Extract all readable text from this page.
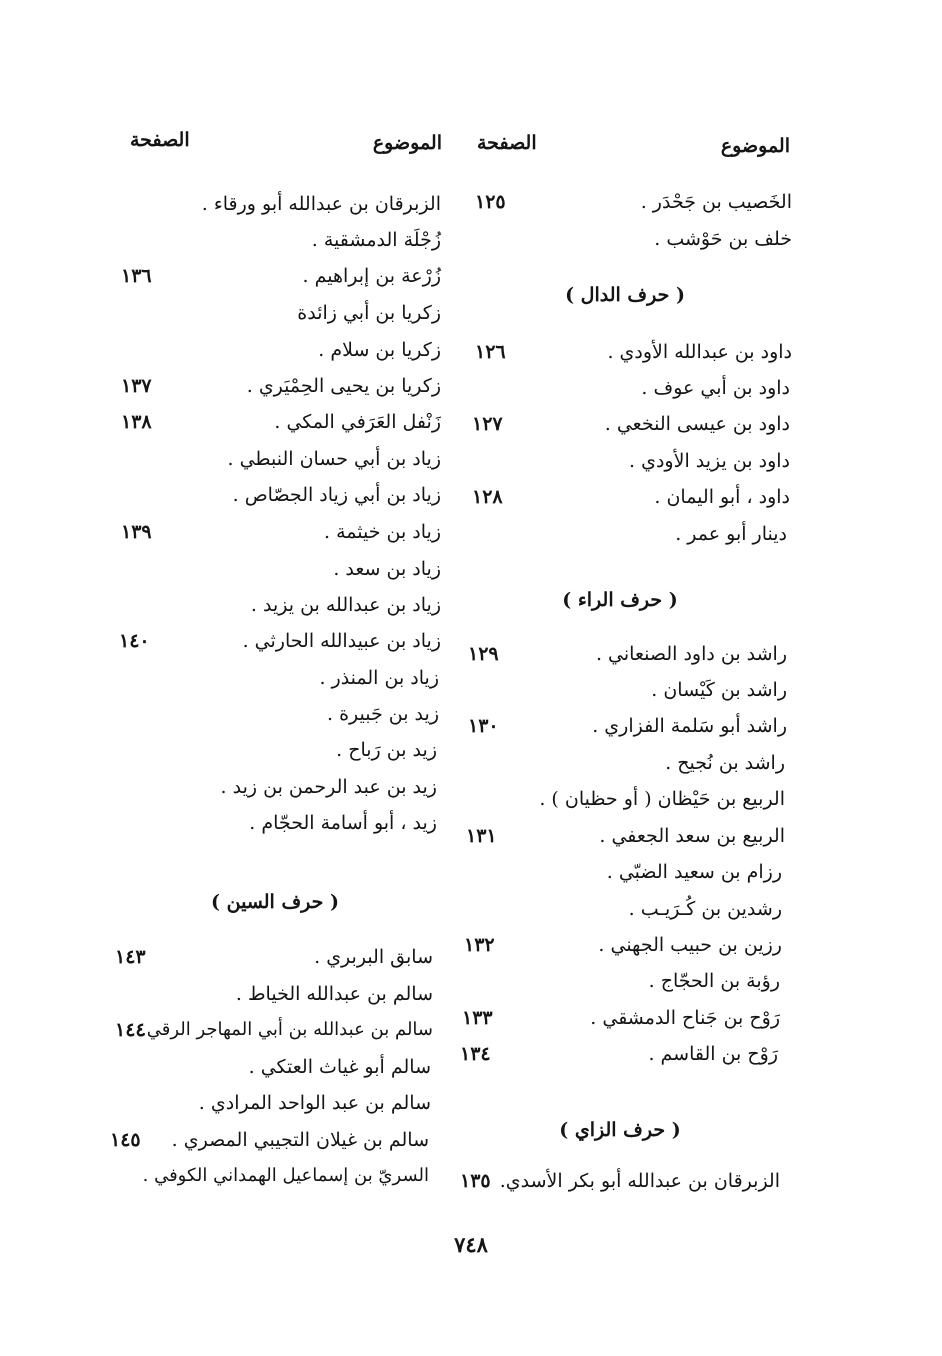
الموضوع
الصفحة
الموضوع
الصفحة
الخَصيب بن جَحْدَر .
١٢٥
خلف بن حَوْشب .
( حرف الدال )
داود بن عبدالله الأودي .
١٢٦
داود بن أبي عوف .
داود بن عيسى النخعي .
١٢٧
داود بن يزيد الأودي .
داود ، أبو اليمان .
١٢٨
دينار أبو عمر .
( حرف الراء )
راشد بن داود الصنعاني .
١٢٩
راشد بن كَيْسان .
راشد أبو سَلمة الفزاري .
١٣٠
راشد بن نُجيح .
الربيع بن حَيْظان ( أو حظيان ) .
الربيع بن سعد الجعفي .
١٣١
رزام بن سعيد الضبّي .
رشدين بن كُـرَيـب .
رزين بن حبيب الجهني .
١٣٢
رؤبة بن الحجّاج .
رَوْح بن جَناح الدمشقي .
١٣٣
رَوْح بن القاسم .
١٣٤
( حرف الزاي )
الزبرقان بن عبدالله أبو بكر الأسدي.
١٣٥
الزبرقان بن عبدالله أبو ورقاء .
زُجْلَة الدمشقية .
زُرْعة بن إبراهيم .
١٣٦
زكريا بن أبي زائدة
زكريا بن سلام .
زكريا بن يحيى الحِمْيَري .
١٣٧
زَنْفل العَرَفي المكي .
١٣٨
زياد بن أبي حسان النبطي .
زياد بن أبي زياد الجصّاص .
زياد بن خيثمة .
١٣٩
زياد بن سعد .
زياد بن عبدالله بن يزيد .
زياد بن عبيدالله الحارثي .
١٤٠
زياد بن المنذر .
زيد بن جَبيرة .
زيد بن رَباح .
زيد بن عبد الرحمن بن زيد .
زيد ، أبو أسامة الحجّام .
( حرف السين )
سابق البربري .
١٤٣
سالم بن عبدالله الخياط .
سالم بن عبدالله بن أبي المهاجر الرقي.
١٤٤
سالم أبو غياث العتكي .
سالم بن عبد الواحد المرادي .
سالم بن غيلان التجيبي المصري .
١٤٥
السريّ بن إسماعيل الهمداني الكوفي .
٧٤٨
